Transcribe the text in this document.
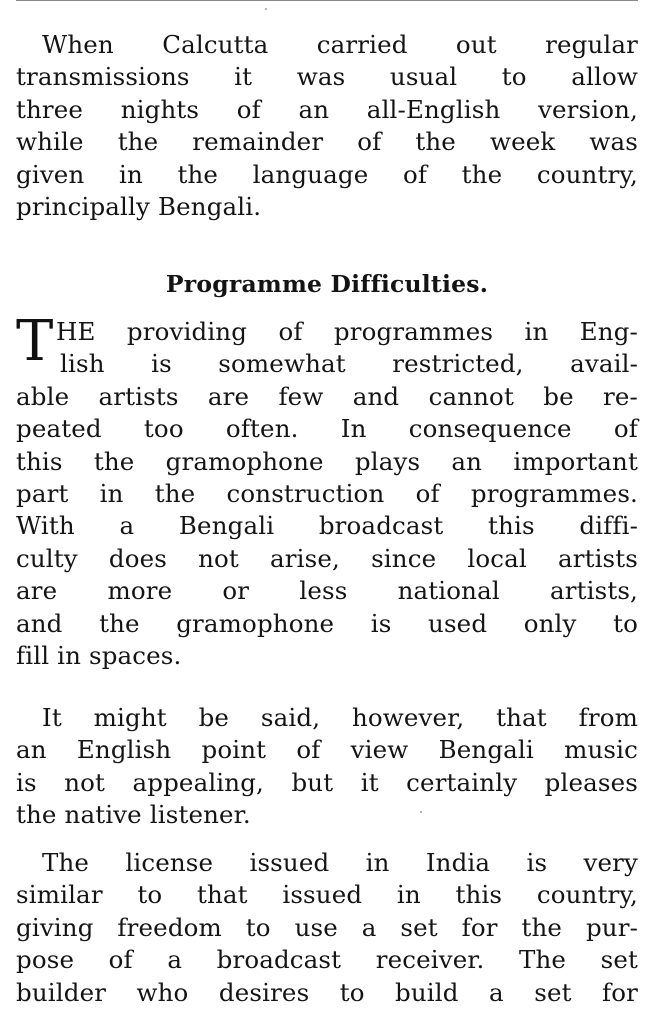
When Calcutta carried out regular
transmissions it was usual to allow
three nights of an all-English version,
while the remainder of the week was
given in the language of the country,
principally Bengali.
Programme Difficulties.
T HE providing of programmes in Eng-
lish is somewhat restricted, avail-
able artists are few and cannot be re-
peated too often. In consequence of
this the gramophone plays an important
part in the construction of programmes.
With a Bengali broadcast this diffi-
culty does not arise, since local artists
are more or less national artists,
and the gramophone is used only to
fill in spaces.
It might be said, however, that from
an English point of view Bengali music
is not appealing, but it certainly pleases
the native listener.
The license issued in India is very
similar to that issued in this country,
giving freedom to use a set for the pur-
pose of a broadcast receiver. The set
builder who desires to build a set for
